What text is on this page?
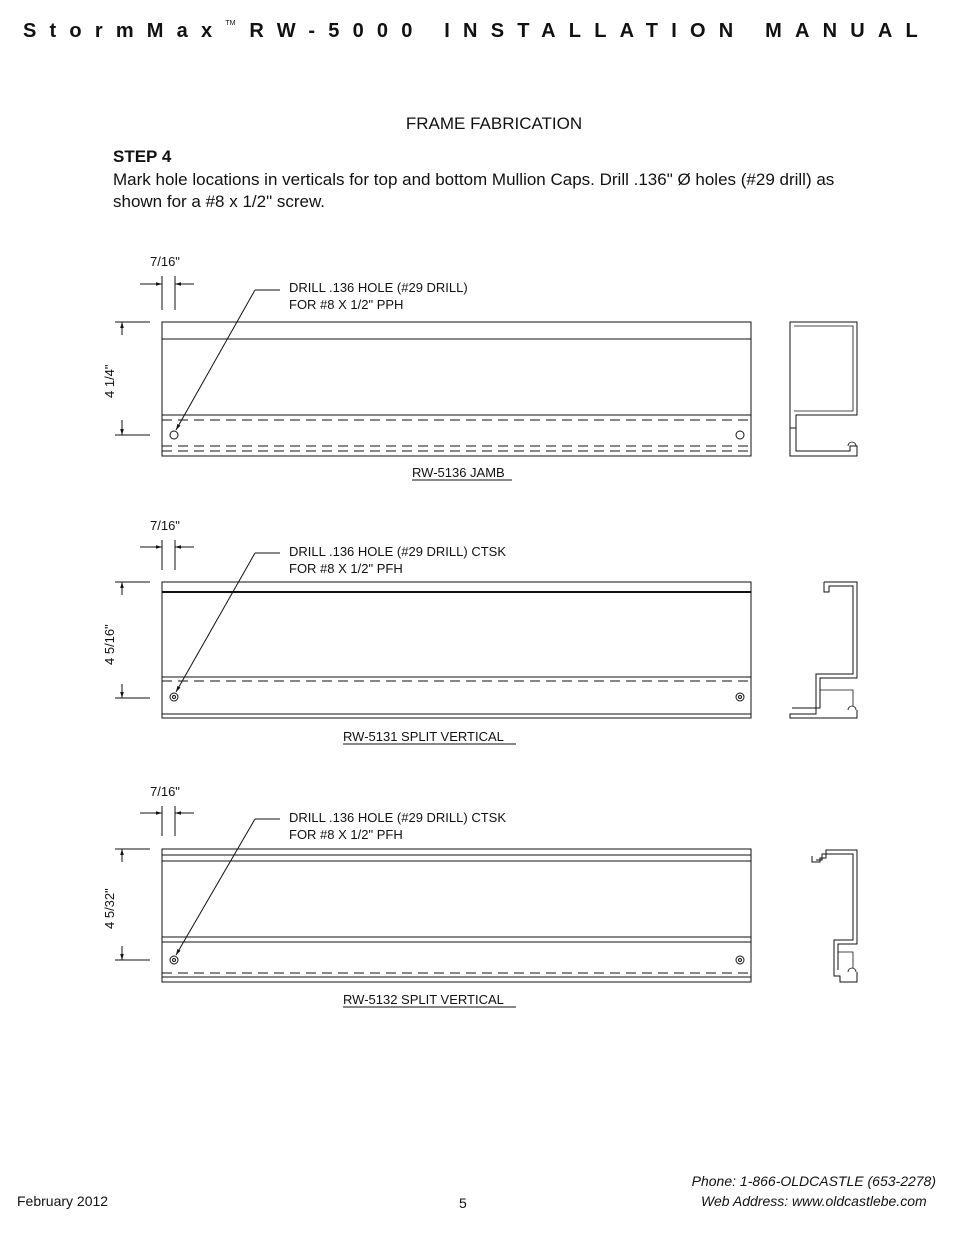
StormMax™ RW-5000 INSTALLATION MANUAL
FRAME FABRICATION
STEP 4
Mark hole locations in verticals for top and bottom Mullion Caps. Drill .136" Ø holes (#29 drill) as shown for a #8 x 1/2" screw.
7/16"
4 1/4"
DRILL .136 HOLE (#29 DRILL)
FOR #8 X 1/2" PPH
RW-5136 JAMB
7/16"
4 5/16"
DRILL .136 HOLE (#29 DRILL) CTSK
FOR #8 X 1/2" PFH
RW-5131 SPLIT VERTICAL
7/16"
4 5/32"
DRILL .136 HOLE (#29 DRILL) CTSK
FOR #8 X 1/2" PFH
RW-5132 SPLIT VERTICAL
February 2012	5
Phone: 1-866-OLDCASTLE (653-2278)
Web Address: www.oldcastlebe.com
